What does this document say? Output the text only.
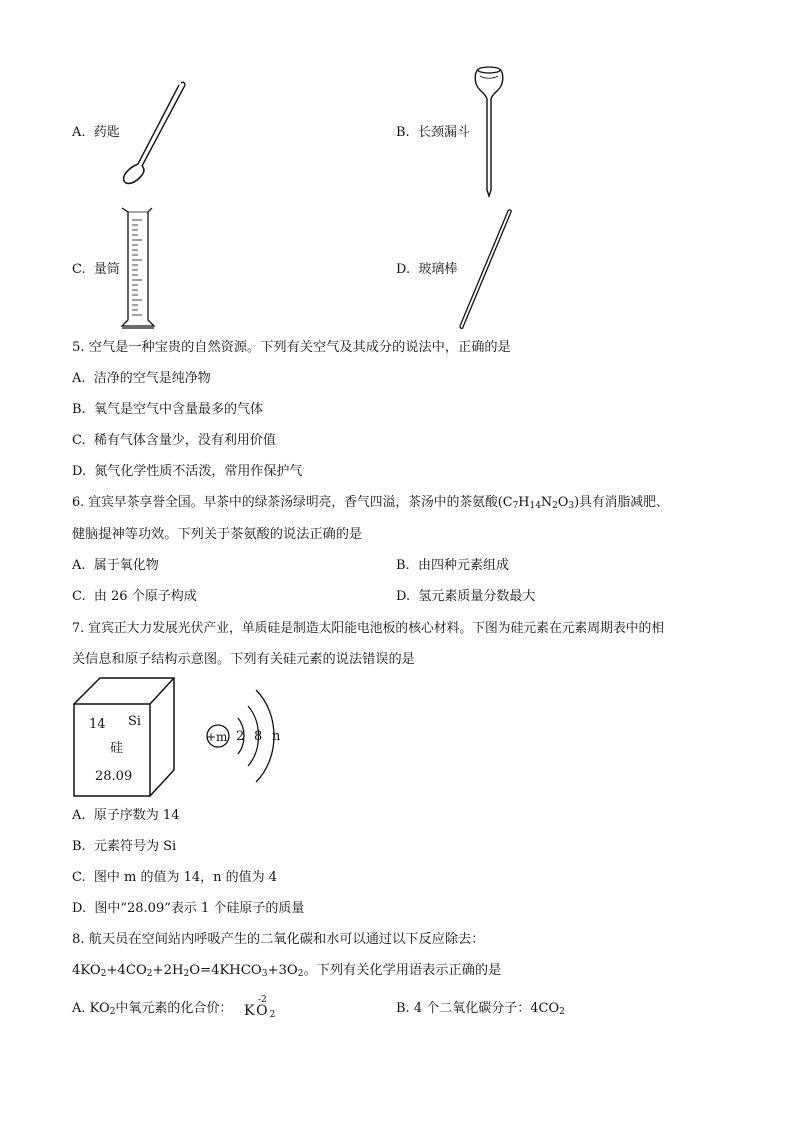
A. 药匙	B. 长颈漏斗
C. 量筒	D. 玻璃棒
5. 空气是一种宝贵的自然资源。下列有关空气及其成分的说法中，正确的是
A. 洁净的空气是纯净物
B. 氧气是空气中含量最多的气体
C. 稀有气体含量少，没有利用价值
D. 氮气化学性质不活泼，常用作保护气
6. 宜宾早茶享誉全国。早茶中的绿茶汤绿明亮，香气四溢，茶汤中的茶氨酸$(C_7H_{14}N_2O_3)$具有消脂减肥、
健脑提神等功效。下列关于茶氨酸的说法正确的是
A. 属于氧化物	B. 由四种元素组成
C. 由 26 个原子构成	D. 氢元素质量分数最大
7. 宜宾正大力发展光伏产业，单质硅是制造太阳能电池板的核心材料。下图为硅元素在元素周期表中的相
关信息和原子结构示意图。下列有关硅元素的说法错误的是
14 Si
硅
28.09
+m 2 8 n
A. 原子序数为 14
B. 元素符号为 Si
C. 图中 m 的值为 14，n 的值为 4
D. 图中“28.09”表示 1 个硅原子的质量
8. 航天员在空间站内呼吸产生的二氧化碳和水可以通过以下反应除去：
$4KO_2+4CO_2+2H_2O=4KHCO_3+3O_2$。下列有关化学用语表示正确的是
A. $KO_2$中氧元素的化合价：
-2
$KO_2$	B. 4 个二氧化碳分子：$4CO_2$
